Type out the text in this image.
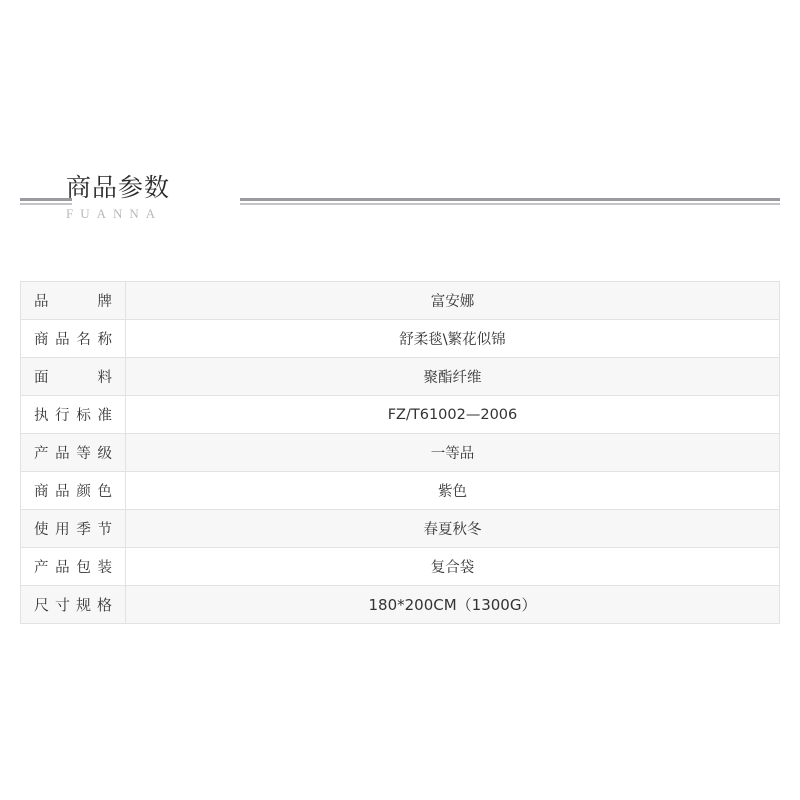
商品参数
FUANNA
品 牌	富安娜
商品名称	舒柔毯\繁花似锦
面 料	聚酯纤维
执行标准	FZ/T61002—2006
产品等级	一等品
商品颜色	紫色
使用季节	春夏秋冬
产品包装	复合袋
尺寸规格	180*200CM（1300G）
